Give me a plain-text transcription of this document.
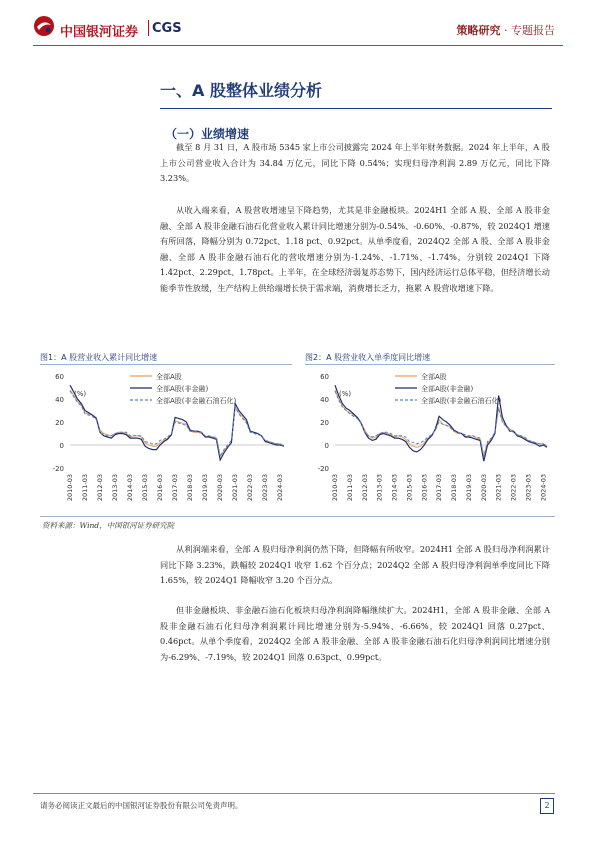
中国银河证券 CGS	策略研究 · 专题报告
一、A 股整体业绩分析
（一）业绩增速

截至 8 月 31 日，A 股市场 5345 家上市公司披露完 2024 年上半年财务数据。2024 年上半年，A 股上市公司营业收入合计为 34.84 万亿元，同比下降 0.54%；实现归母净利润 2.89 万亿元，同比下降 3.23%。

从收入端来看，A 股营收增速呈下降趋势，尤其是非金融板块。2024H1 全部 A 股、全部 A 股非金融、全部 A 股非金融石油石化营业收入累计同比增速分别为-0.54%、-0.60%、-0.87%，较 2024Q1 增速有所回落，降幅分别为 0.72pct、1.18 pct、0.92pct。从单季度看，2024Q2 全部 A 股、全部 A 股非金融、全部 A 股非金融石油石化的营收增速分别为-1.24%、-1.71%、-1.74%，分别较 2024Q1 下降 1.42pct、2.29pct、1.78pct。上半年，在全球经济弱复苏态势下，国内经济运行总体平稳，但经济增长动能季节性放缓，生产结构上供给端增长快于需求端，消费增长乏力，拖累 A 股营收增速下降。

图1：A 股营业收入累计同比增速	图2：A 股营业收入单季度同比增速
-20
0
20
40
60
(%)
2010-03 2011-03 2012-03 2013-03 2014-03 2015-03 2016-03 2017-03 2018-03 2019-03 2020-03 2021-03 2022-03 2023-03 2024-03
全部A股
全部A股(非金融)
全部A股(非金融石油石化)
-20
0
20
40
60
(%)
2010-03 2011-03 2012-03 2013-03 2014-03 2015-03 2016-03 2017-03 2018-03 2019-03 2020-03 2021-03 2022-03 2023-03 2024-03
全部A股
全部A股(非金融)
全部A股(非金融石油石化)
资料来源：Wind，中国银河证券研究院

从利润端来看，全部 A 股归母净利润仍然下降，但降幅有所收窄。2024H1 全部 A 股归母净利润累计同比下降 3.23%，跌幅较 2024Q1 收窄 1.62 个百分点；2024Q2 全部 A 股归母净利润单季度同比下降 1.65%，较 2024Q1 降幅收窄 3.20 个百分点。

但非金融板块、非金融石油石化板块归母净利润降幅继续扩大。2024H1，全部 A 股非金融、全部 A 股非金融石油石化归母净利润累计同比增速分别为-5.94%、-6.66%，较 2024Q1 回落 0.27pct、0.46pct。从单个季度看，2024Q2 全部 A 股非金融、全部 A 股非金融石油石化归母净利润同比增速分别为-6.29%、-7.19%，较 2024Q1 回落 0.63pct、0.99pct。

请务必阅读正文最后的中国银河证券股份有限公司免责声明。	2
